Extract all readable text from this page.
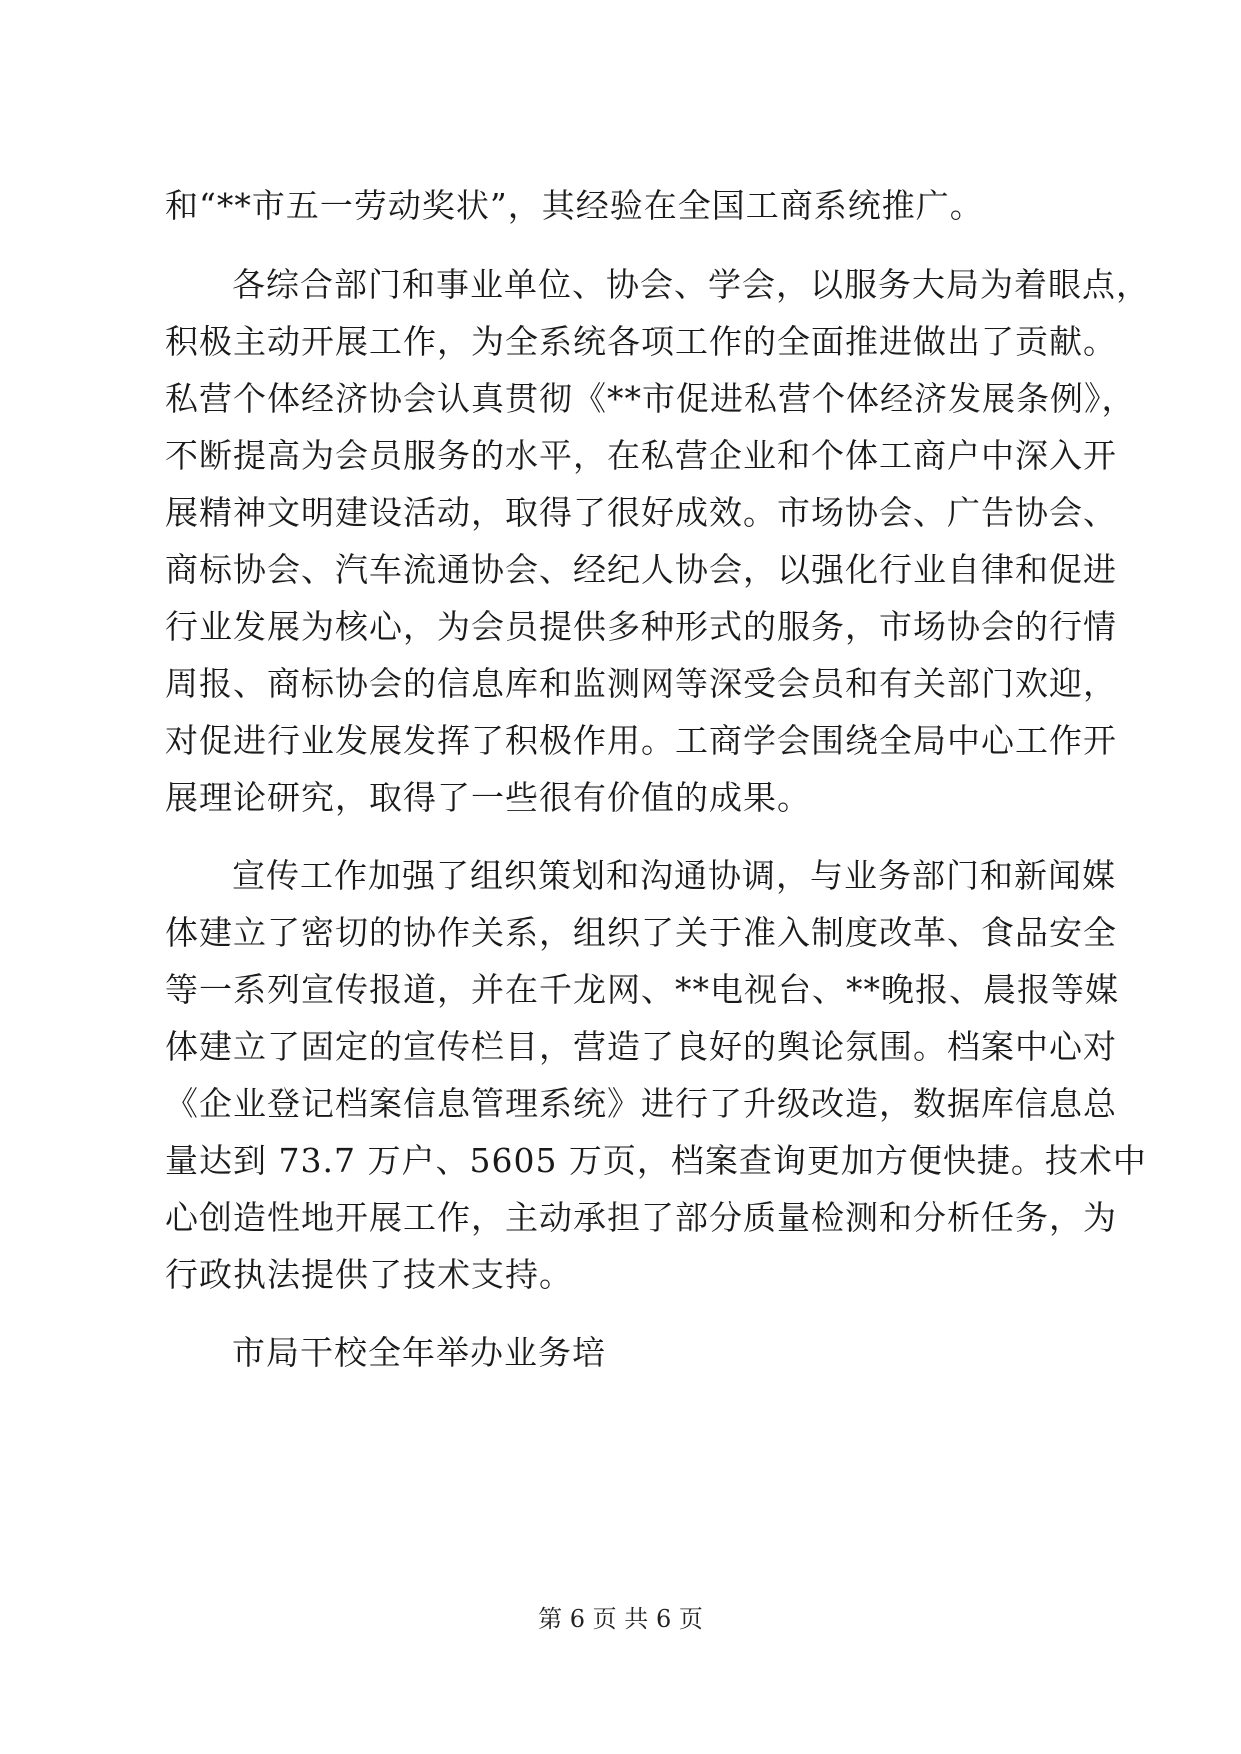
和“**市五一劳动奖状”，其经验在全国工商系统推广。
各综合部门和事业单位、协会、学会，以服务大局为着眼点，
积极主动开展工作，为全系统各项工作的全面推进做出了贡献。
私营个体经济协会认真贯彻《**市促进私营个体经济发展条例》，
不断提高为会员服务的水平，在私营企业和个体工商户中深入开
展精神文明建设活动，取得了很好成效。市场协会、广告协会、
商标协会、汽车流通协会、经纪人协会，以强化行业自律和促进
行业发展为核心，为会员提供多种形式的服务，市场协会的行情
周报、商标协会的信息库和监测网等深受会员和有关部门欢迎，
对促进行业发展发挥了积极作用。工商学会围绕全局中心工作开
展理论研究，取得了一些很有价值的成果。
宣传工作加强了组织策划和沟通协调，与业务部门和新闻媒
体建立了密切的协作关系，组织了关于准入制度改革、食品安全
等一系列宣传报道，并在千龙网、**电视台、**晚报、晨报等媒
体建立了固定的宣传栏目，营造了良好的舆论氛围。档案中心对
《企业登记档案信息管理系统》进行了升级改造，数据库信息总
量达到 73.7 万户、5605 万页，档案查询更加方便快捷。技术中
心创造性地开展工作，主动承担了部分质量检测和分析任务，为
行政执法提供了技术支持。
市局干校全年举办业务培
第 6 页 共 6 页
